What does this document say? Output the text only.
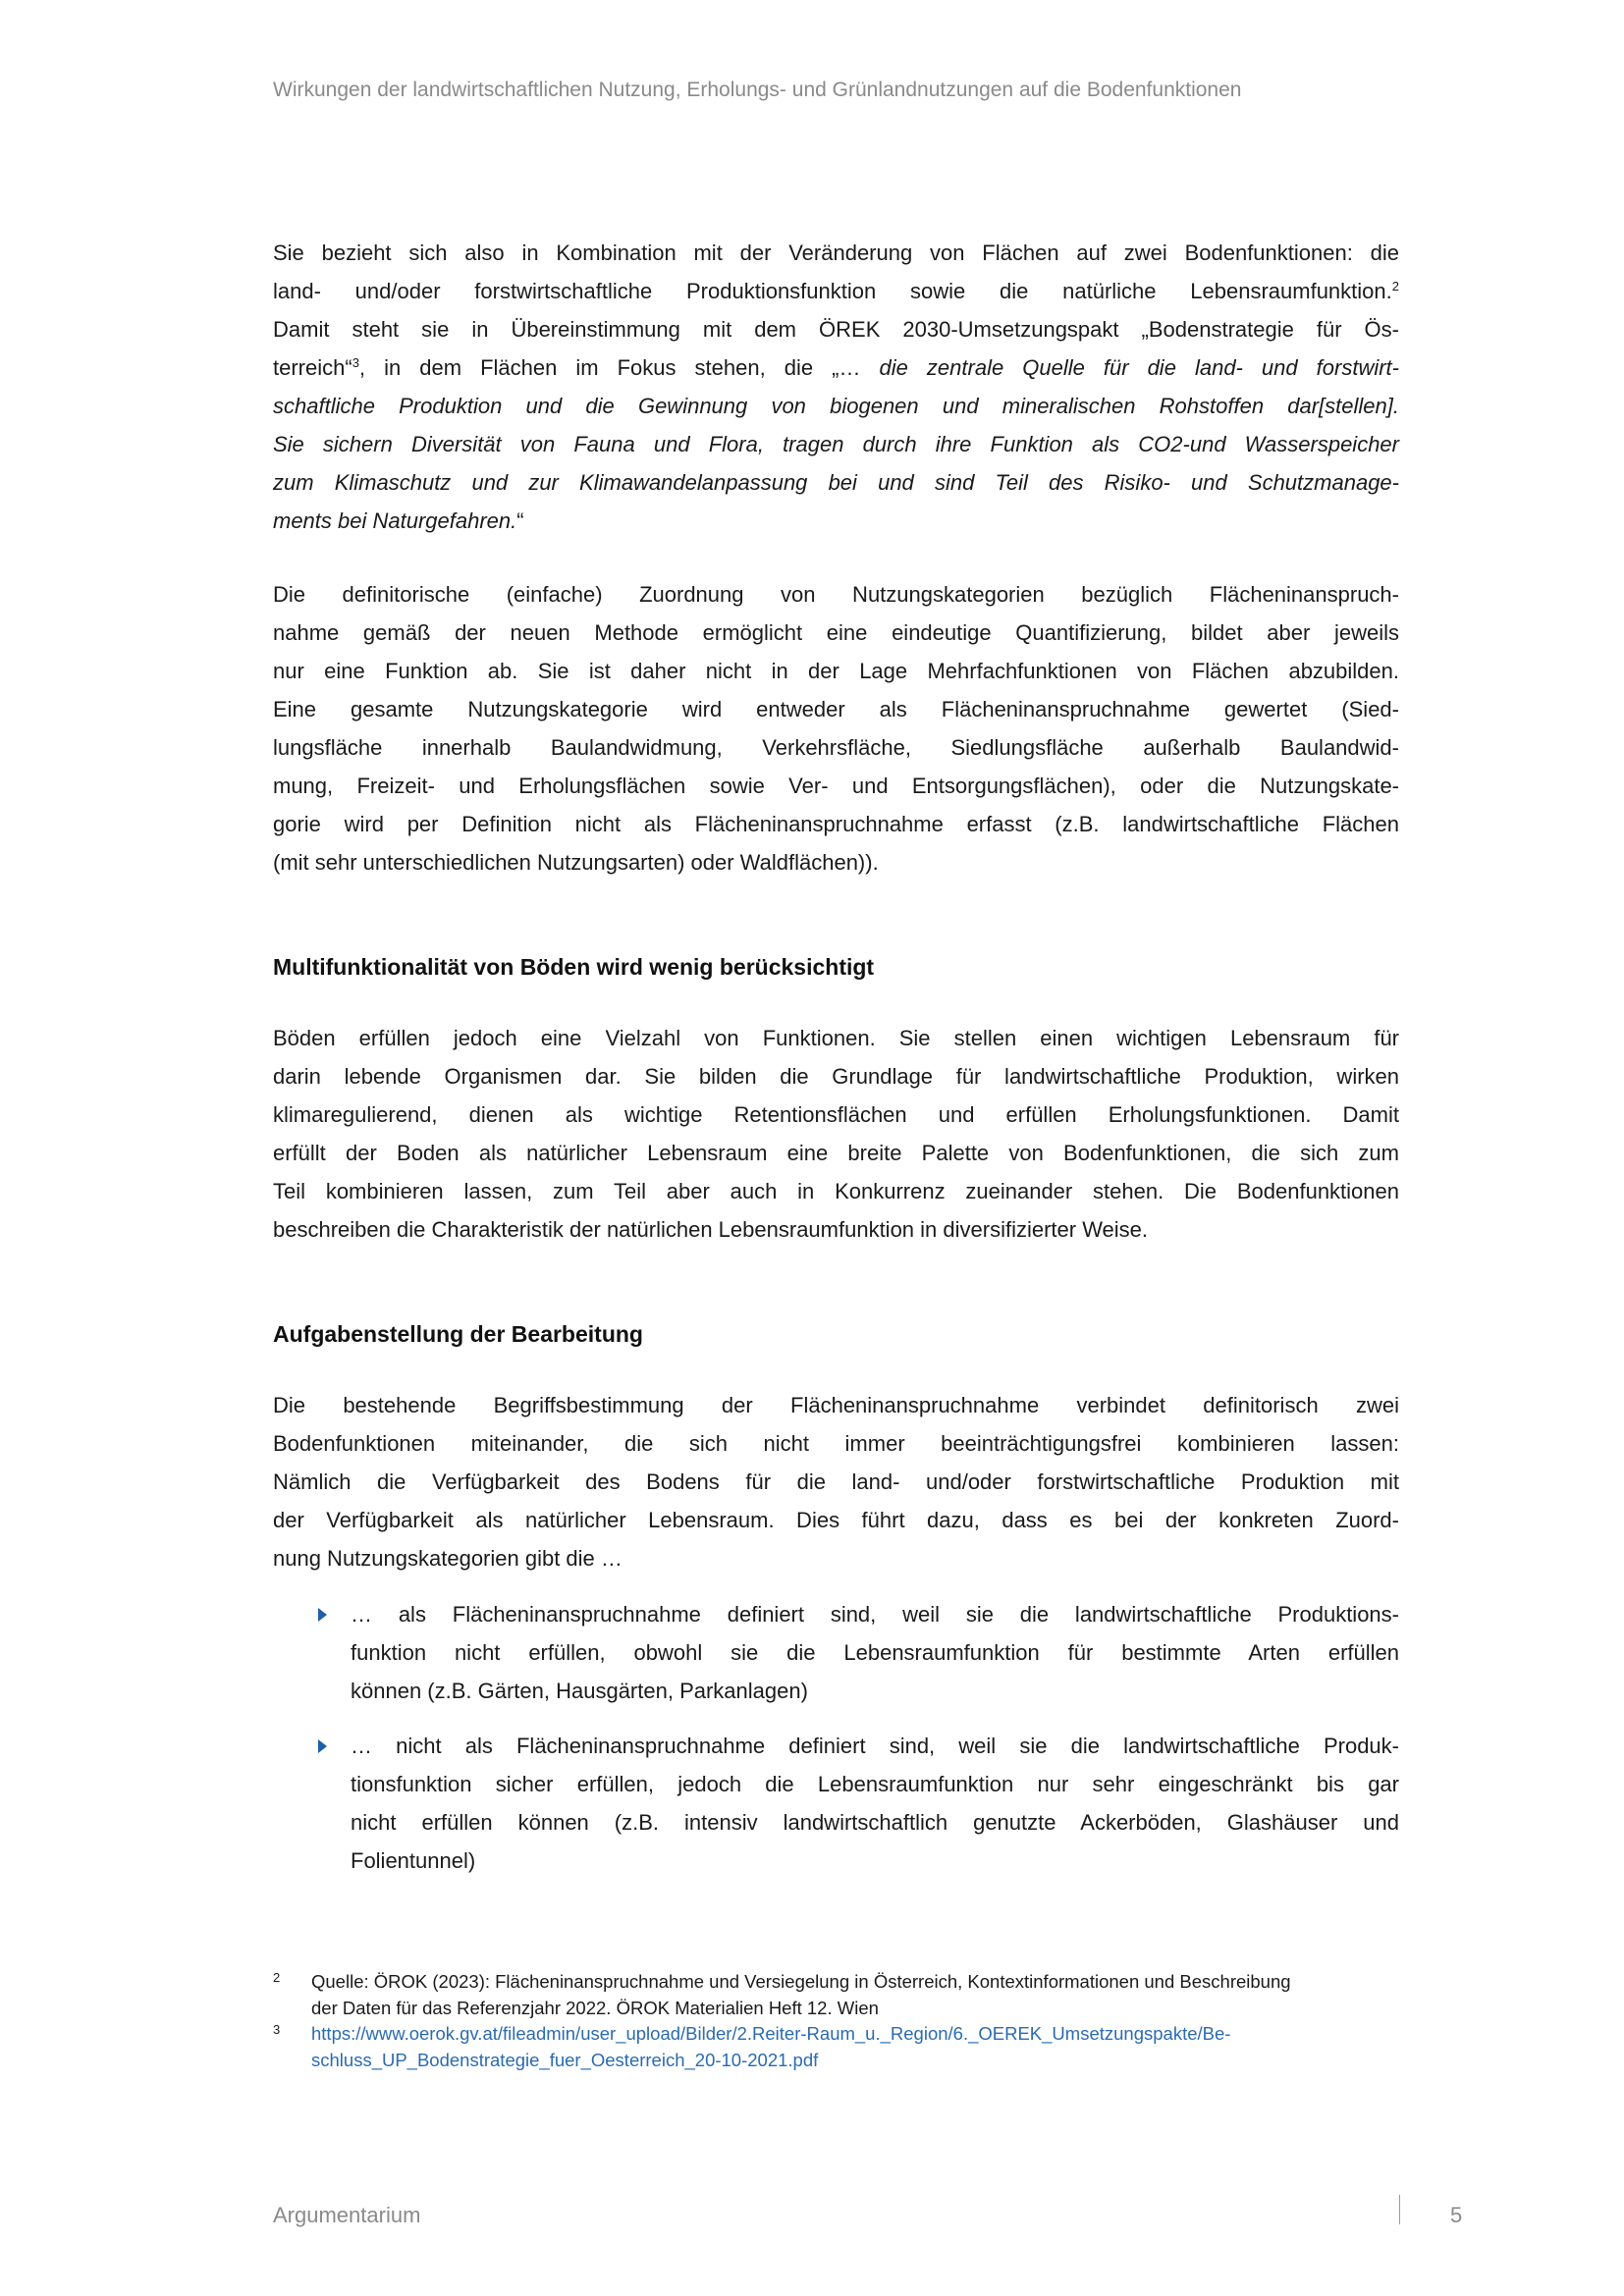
Wirkungen der landwirtschaftlichen Nutzung, Erholungs- und Grünlandnutzungen auf die Bodenfunktionen
Sie bezieht sich also in Kombination mit der Veränderung von Flächen auf zwei Bodenfunktionen: die
land- und/oder forstwirtschaftliche Produktionsfunktion sowie die natürliche Lebensraumfunktion.$^2$
Damit steht sie in Übereinstimmung mit dem ÖREK 2030-Umsetzungspakt „Bodenstrategie für Ös-
terreich“$^3$, in dem Flächen im Fokus stehen, die „… die zentrale Quelle für die land- und forstwirt-
schaftliche Produktion und die Gewinnung von biogenen und mineralischen Rohstoffen dar[stellen].
Sie sichern Diversität von Fauna und Flora, tragen durch ihre Funktion als CO2-und Wasserspeicher
zum Klimaschutz und zur Klimawandelanpassung bei und sind Teil des Risiko- und Schutzmanage-
ments bei Naturgefahren.“
Die definitorische (einfache) Zuordnung von Nutzungskategorien bezüglich Flächeninanspruch-
nahme gemäß der neuen Methode ermöglicht eine eindeutige Quantifizierung, bildet aber jeweils
nur eine Funktion ab. Sie ist daher nicht in der Lage Mehrfachfunktionen von Flächen abzubilden.
Eine gesamte Nutzungskategorie wird entweder als Flächeninanspruchnahme gewertet (Sied-
lungsfläche innerhalb Baulandwidmung, Verkehrsfläche, Siedlungsfläche außerhalb Baulandwid-
mung, Freizeit- und Erholungsflächen sowie Ver- und Entsorgungsflächen), oder die Nutzungskate-
gorie wird per Definition nicht als Flächeninanspruchnahme erfasst (z.B. landwirtschaftliche Flächen
(mit sehr unterschiedlichen Nutzungsarten) oder Waldflächen)).
Multifunktionalität von Böden wird wenig berücksichtigt
Böden erfüllen jedoch eine Vielzahl von Funktionen. Sie stellen einen wichtigen Lebensraum für
darin lebende Organismen dar. Sie bilden die Grundlage für landwirtschaftliche Produktion, wirken
klimaregulierend, dienen als wichtige Retentionsflächen und erfüllen Erholungsfunktionen. Damit
erfüllt der Boden als natürlicher Lebensraum eine breite Palette von Bodenfunktionen, die sich zum
Teil kombinieren lassen, zum Teil aber auch in Konkurrenz zueinander stehen. Die Bodenfunktionen
beschreiben die Charakteristik der natürlichen Lebensraumfunktion in diversifizierter Weise.
Aufgabenstellung der Bearbeitung
Die bestehende Begriffsbestimmung der Flächeninanspruchnahme verbindet definitorisch zwei
Bodenfunktionen miteinander, die sich nicht immer beeinträchtigungsfrei kombinieren lassen:
Nämlich die Verfügbarkeit des Bodens für die land- und/oder forstwirtschaftliche Produktion mit
der Verfügbarkeit als natürlicher Lebensraum. Dies führt dazu, dass es bei der konkreten Zuord-
nung Nutzungskategorien gibt die …
… als Flächeninanspruchnahme definiert sind, weil sie die landwirtschaftliche Produktions-
funktion nicht erfüllen, obwohl sie die Lebensraumfunktion für bestimmte Arten erfüllen
können (z.B. Gärten, Hausgärten, Parkanlagen)
… nicht als Flächeninanspruchnahme definiert sind, weil sie die landwirtschaftliche Produk-
tionsfunktion sicher erfüllen, jedoch die Lebensraumfunktion nur sehr eingeschränkt bis gar
nicht erfüllen können (z.B. intensiv landwirtschaftlich genutzte Ackerböden, Glashäuser und
Folientunnel)
2 Quelle: ÖROK (2023): Flächeninanspruchnahme und Versiegelung in Österreich, Kontextinformationen und Beschreibung
der Daten für das Referenzjahr 2022. ÖROK Materialien Heft 12. Wien
3 https://www.oerok.gv.at/fileadmin/user_upload/Bilder/2.Reiter-Raum_u._Region/6._OEREK_Umsetzungspakte/Be-
schluss_UP_Bodenstrategie_fuer_Oesterreich_20-10-2021.pdf
Argumentarium	5
